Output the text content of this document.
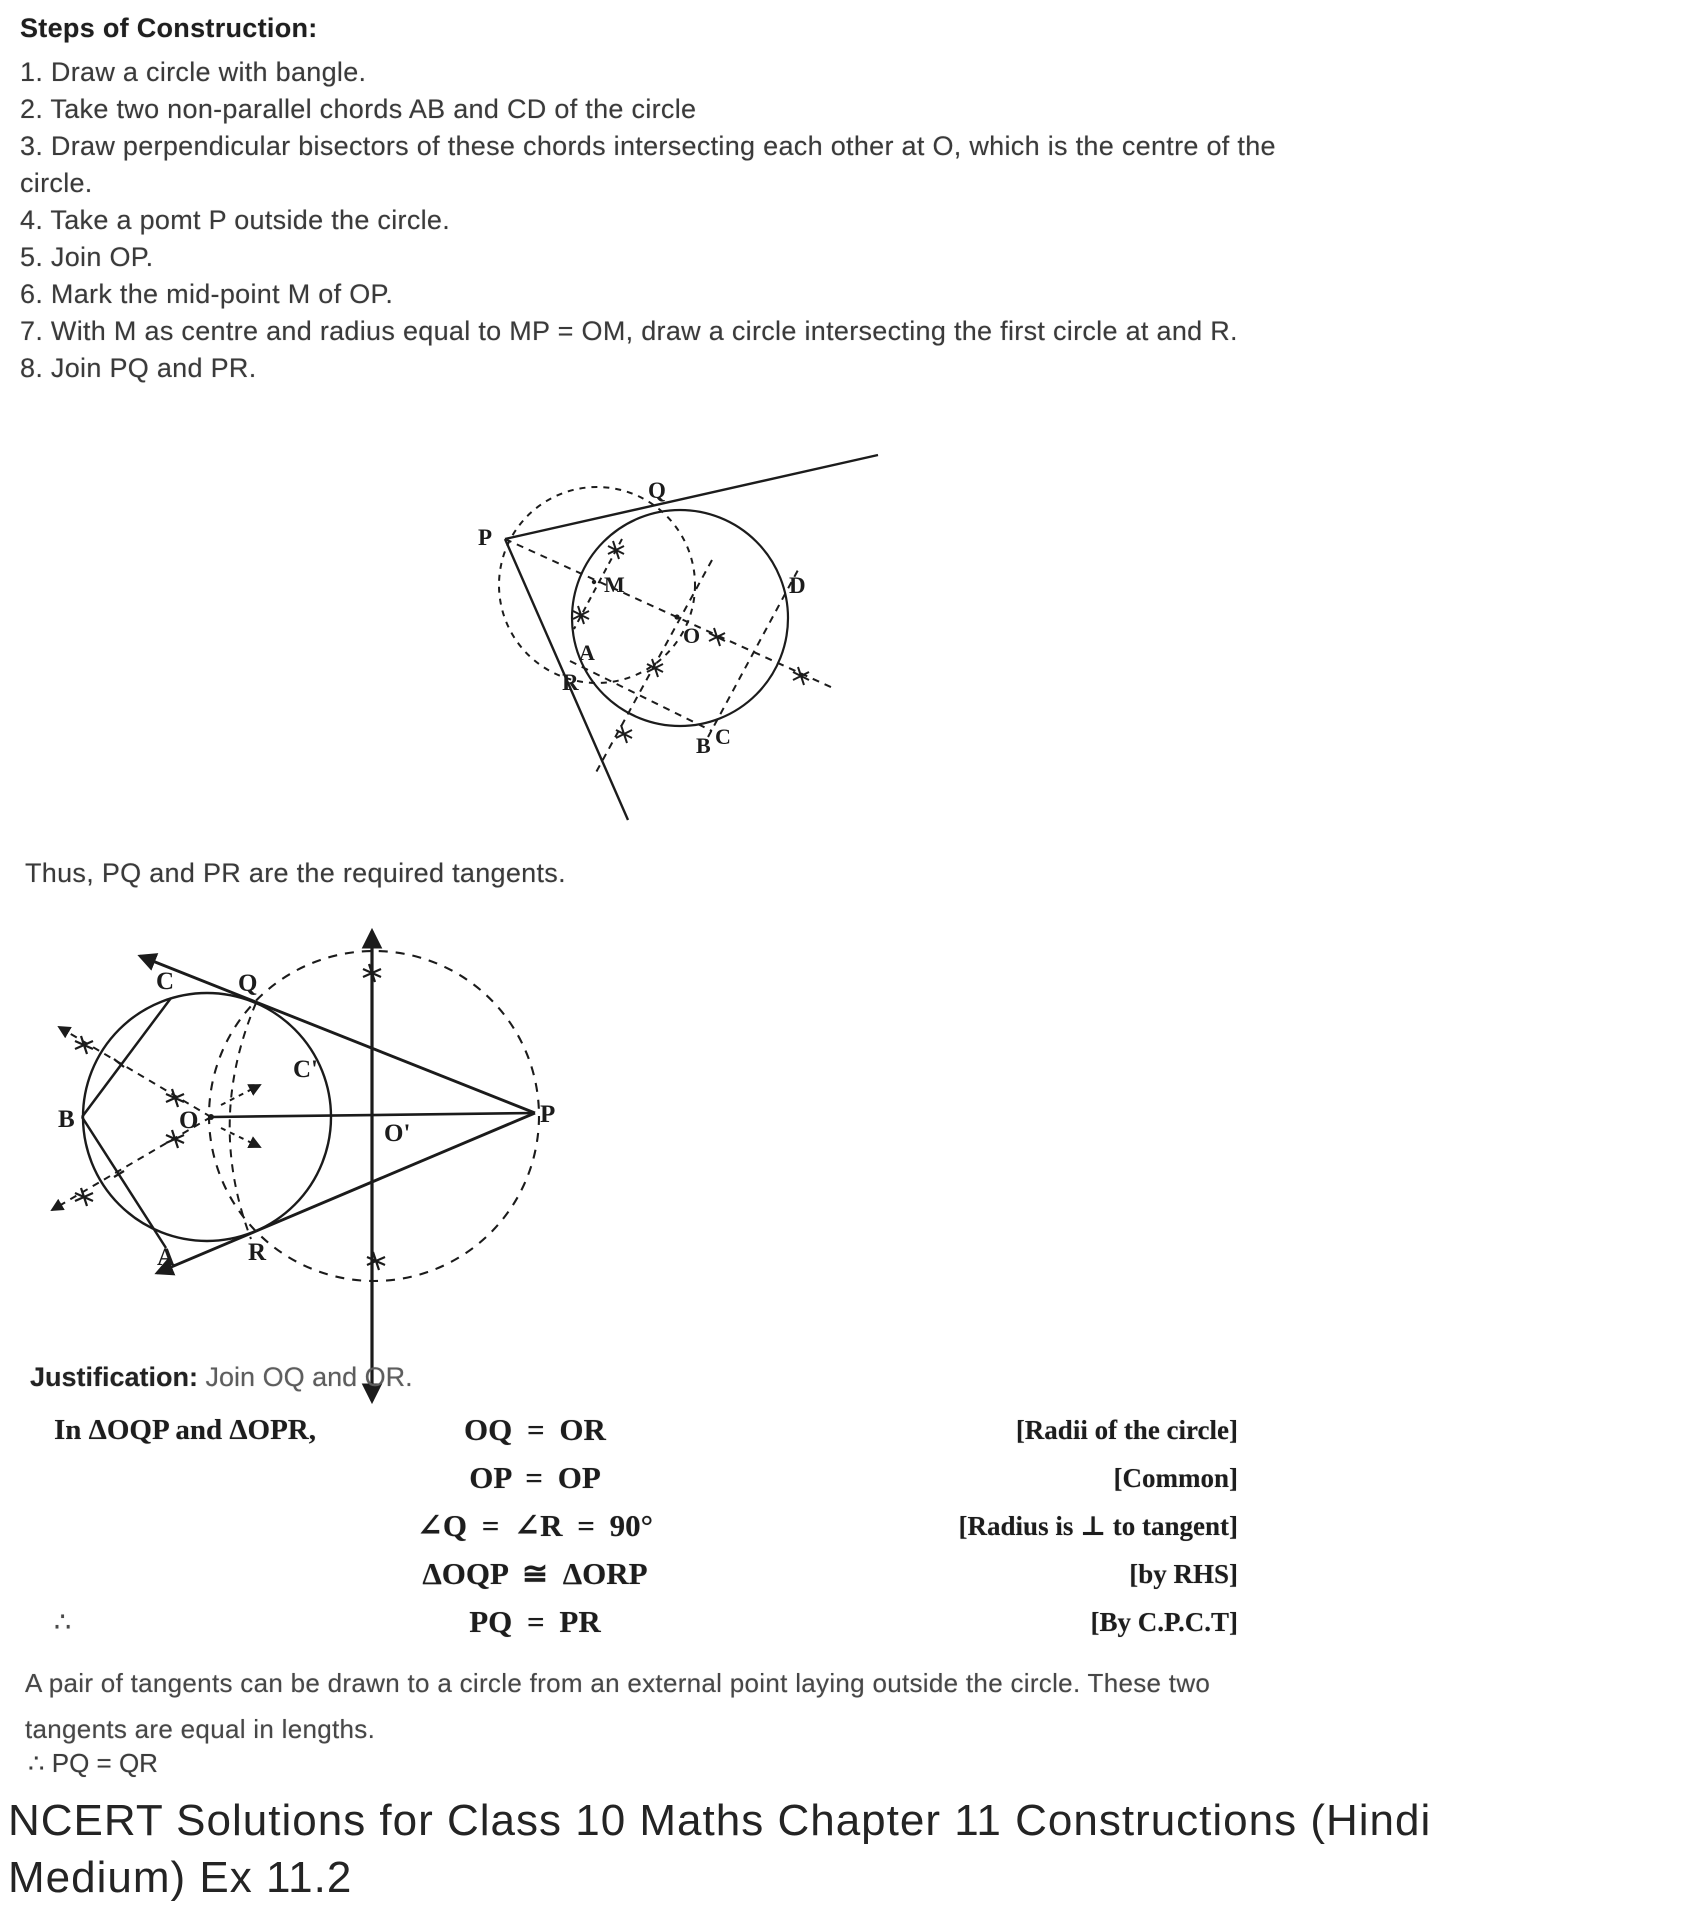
Steps of Construction:
1. Draw a circle with bangle.
2. Take two non-parallel chords AB and CD of the circle
3. Draw perpendicular bisectors of these chords intersecting each other at O, which is the centre of the
circle.
4. Take a pomt P outside the circle.
5. Join OP.
6. Mark the mid-point M of OP.
7. With M as centre and radius equal to MP = OM, draw a circle intersecting the first circle at and R.
8. Join PQ and PR.
P
Q
M
O
A
R
B C
D
Thus, PQ and PR are the required tangents.
C	Q
C'
B	O	O'
A	R
P
Justification: Join OQ and OR.
In ΔOQP and ΔOPR,	OQ = OR	[Radii of the circle]
OP = OP	[Common]
∠Q = ∠R = 90°	[Radius is ⊥ to tangent]
ΔOQP ≅ ΔORP	[by RHS]
∴	PQ = PR	[By C.P.C.T]
A pair of tangents can be drawn to a circle from an external point laying outside the circle. These two
tangents are equal in lengths.
∴ PQ = QR
NCERT Solutions for Class 10 Maths Chapter 11 Constructions (Hindi
Medium) Ex 11.2
